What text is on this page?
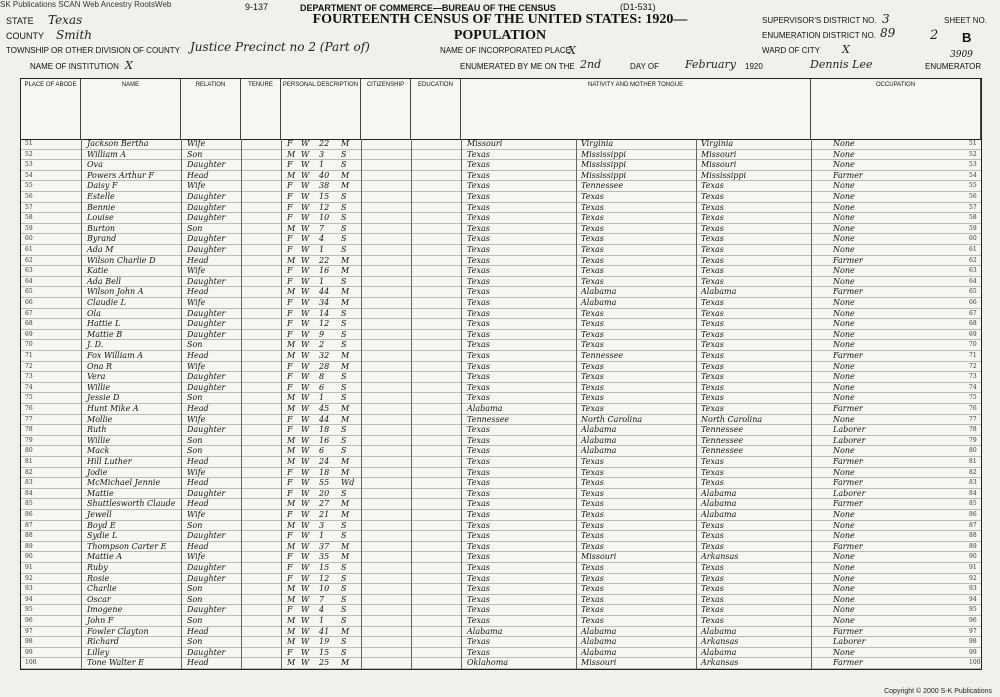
SK Publications SCAN Web Ancestry RootsWeb	9-137	(D1-531)
DEPARTMENT OF COMMERCE—BUREAU OF THE CENSUS
FOURTEENTH CENSUS OF THE UNITED STATES: 1920—POPULATION
STATE Texas
COUNTY Smith
TOWNSHIP OR OTHER DIVISION OF COUNTY Justice Precinct no 2 (Part of)	NAME OF INCORPORATED PLACE
X
NAME OF INSTITUTION X	ENUMERATED BY ME ON THE 2nd	DAY OF February 1920	Dennis Lee	ENUMERATOR
SUPERVISOR'S DISTRICT NO. 3
ENUMERATION DISTRICT NO. 89
WARD OF CITY X
SHEET NO.
2 B
3909
PLACE OF ABODE	NAME	RELATION	TENURE	PERSONAL DESCRIPTION	CITIZENSHIP	EDUCATION	NATIVITY AND MOTHER TONGUE	OCCUPATION
51	Jackson Bertha	Wife	F W 22 M	Missouri	Virginia	Virginia	None	51
52	William A	Son	M W 3 S	Texas	Mississippi	Missouri	None	52
53	Ova	Daughter	F W 1 S	Texas	Mississippi	Missouri	None	53
54	Powers Arthur F	Head	M W 40 M	Texas	Mississippi	Mississippi	Farmer	54
55	Daisy F	Wife	F W 38 M	Texas	Tennessee	Texas	None	55
56	Estelle	Daughter	F W 15 S	Texas	Texas	Texas	None	56
57	Bennie	Daughter	F W 12 S	Texas	Texas	Texas	None	57
58	Louise	Daughter	F W 10 S	Texas	Texas	Texas	None	58
59	Burton	Son	M W 7 S	Texas	Texas	Texas	None	59
60	Byrand	Daughter	F W 4 S	Texas	Texas	Texas	None	60
61	Ada M	Daughter	F W 1 S	Texas	Texas	Texas	None	61
62	Wilson Charlie D	Head	M W 22 M	Texas	Texas	Texas	Farmer	62
63	Katie	Wife	F W 16 M	Texas	Texas	Texas	None	63
64	Ada Bell	Daughter	F W 1 S	Texas	Texas	Texas	None	64
65	Wilson John A	Head	M W 44 M	Texas	Alabama	Alabama	Farmer	65
66	Claudie L	Wife	F W 34 M	Texas	Alabama	Texas	None	66
67	Ola	Daughter	F W 14 S	Texas	Texas	Texas	None	67
68	Hattie L	Daughter	F W 12 S	Texas	Texas	Texas	None	68
69	Mattie B	Daughter	F W 9 S	Texas	Texas	Texas	None	69
70	J. D.	Son	M W 2 S	Texas	Texas	Texas	None	70
71	Fox William A	Head	M W 32 M	Texas	Tennessee	Texas	Farmer	71
72	Ona R	Wife	F W 28 M	Texas	Texas	Texas	None	72
73	Vera	Daughter	F W 8 S	Texas	Texas	Texas	None	73
74	Willie	Daughter	F W 6 S	Texas	Texas	Texas	None	74
75	Jessie D	Son	M W 1 S	Texas	Texas	Texas	None	75
76	Hunt Mike A	Head	M W 45 M	Alabama	Texas	Texas	Farmer	76
77	Mollie	Wife	F W 44 M	Tennessee	North Carolina	North Carolina	None	77
78	Ruth	Daughter	F W 18 S	Texas	Alabama	Tennessee	Laborer	78
79	Willie	Son	M W 16 S	Texas	Alabama	Tennessee	Laborer	79
80	Mack	Son	M W 6 S	Texas	Alabama	Tennessee	None	80
81	Hill Luther	Head	M W 24 M	Texas	Texas	Texas	Farmer	81
82	Jodie	Wife	F W 18 M	Texas	Texas	Texas	None	82
83	McMichael Jennie	Head	F W 55 Wd	Texas	Texas	Texas	Farmer	83
84	Mattie	Daughter	F W 20 S	Texas	Texas	Alabama	Laborer	84
85	Shuttlesworth Claude Head	M W 27 M	Texas	Texas	Alabama	Farmer	85
86	Jewell	Wife	F W 21 M	Texas	Texas	Alabama	None	86
87	Boyd E	Son	M W 3 S	Texas	Texas	Texas	None	87
88	Sydie L	Daughter	F W 1 S	Texas	Texas	Texas	None	88
89	Thompson Carter E	Head	M W 37 M	Texas	Texas	Texas	Farmer	89
90	Mattie A	Wife	F W 35 M	Texas	Missouri	Arkansas	None	90
91	Ruby	Daughter	F W 15 S	Texas	Texas	Texas	None	91
92	Rosie	Daughter	F W 12 S	Texas	Texas	Texas	None	92
93	Charlie	Son	M W 10 S	Texas	Texas	Texas	None	93
94	Oscar	Son	M W 7 S	Texas	Texas	Texas	None	94
95	Imogene	Daughter	F W 4 S	Texas	Texas	Texas	None	95
96	John F	Son	M W 1 S	Texas	Texas	Texas	None	96
97	Fowler Clayton	Head	M W 41 M	Alabama	Alabama	Alabama	Farmer	97
98	Richard	Son	M W 19 S	Texas	Alabama	Arkansas	Laborer	98
99	Lilley	Daughter	F W 15 S	Texas	Alabama	Alabama	None	99
100	Tone Walter E	Head	M W 25 M	Oklahoma	Missouri	Arkansas	Farmer	100
Copyright © 2000 S-K Publications
